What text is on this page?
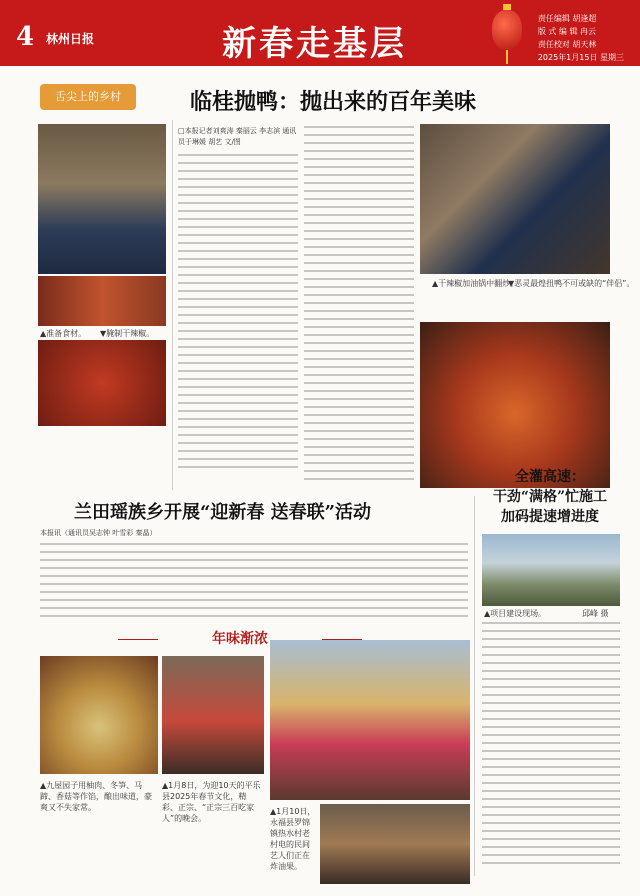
4 林州日报	新春走基层
责任编辑 胡逢超
版 式 编 辑 冉云
责任校对 胡天林
2025年1月15日 星期三
舌尖上的乡村	临桂抛鸭：抛出来的百年美味
▲准备食材。 ▼腌制干辣椒。
□本报记者刘爽涛 秦丽云 李志滨 通讯员于琳媛 胡艺 文/图
▲干辣椒加油锅中翻炒。
▼恶灵最煌扭鸭不可或缺的“伴侣”。
兰田瑶族乡开展“迎新春 送春联”活动
本报讯（通讯员吴志钟 叶雪彩 秦晶）
全灌高速：
干劲“满格”忙施工
加码提速增进度
▲项目建设现场。	邱峰 摄
年味渐浓
▲九屋园子用柚肉、冬笋、马蹄、香菇等作馅，酿出味道，豪爽又不失家常。
▲1月8日，为迎10天的平乐县2025年春节文化，精彩、正宗、“正宗三百吃家人”的晚会。
▲1月10日，永福县罗锦镇热水村老村电的民间艺人们正在炸油果。
